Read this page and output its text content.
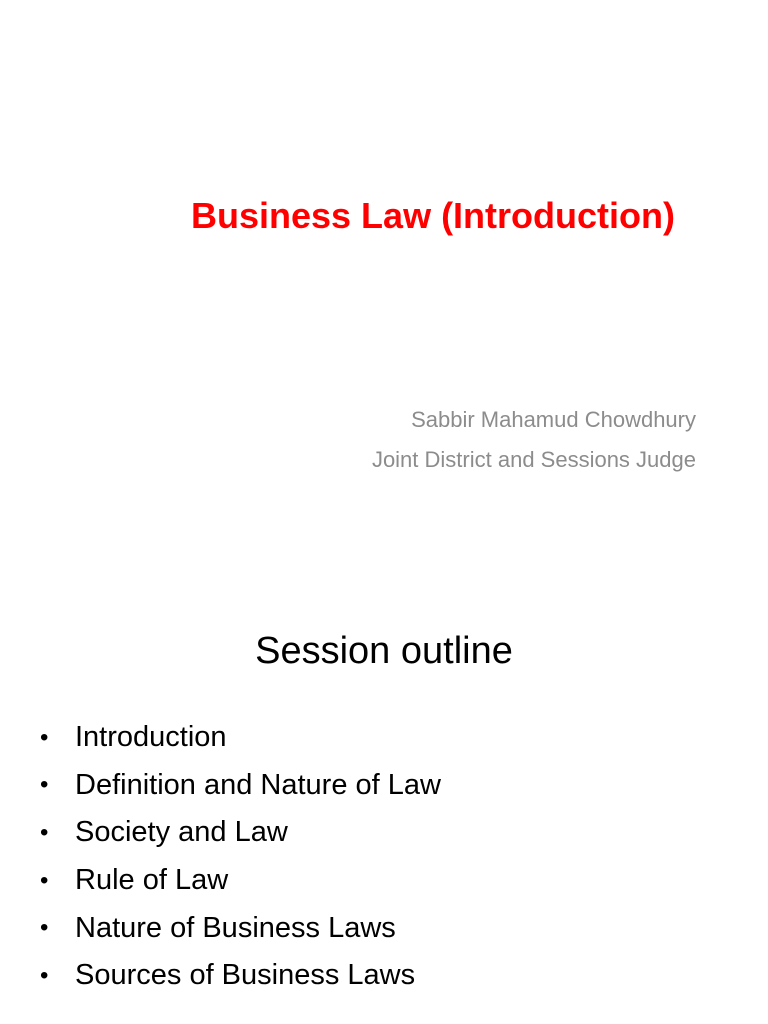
Business Law (Introduction)
Sabbir Mahamud Chowdhury
Joint District and Sessions Judge
Session outline
• Introduction
• Definition and Nature of Law
• Society and Law
• Rule of Law
• Nature of Business Laws
• Sources of Business Laws
